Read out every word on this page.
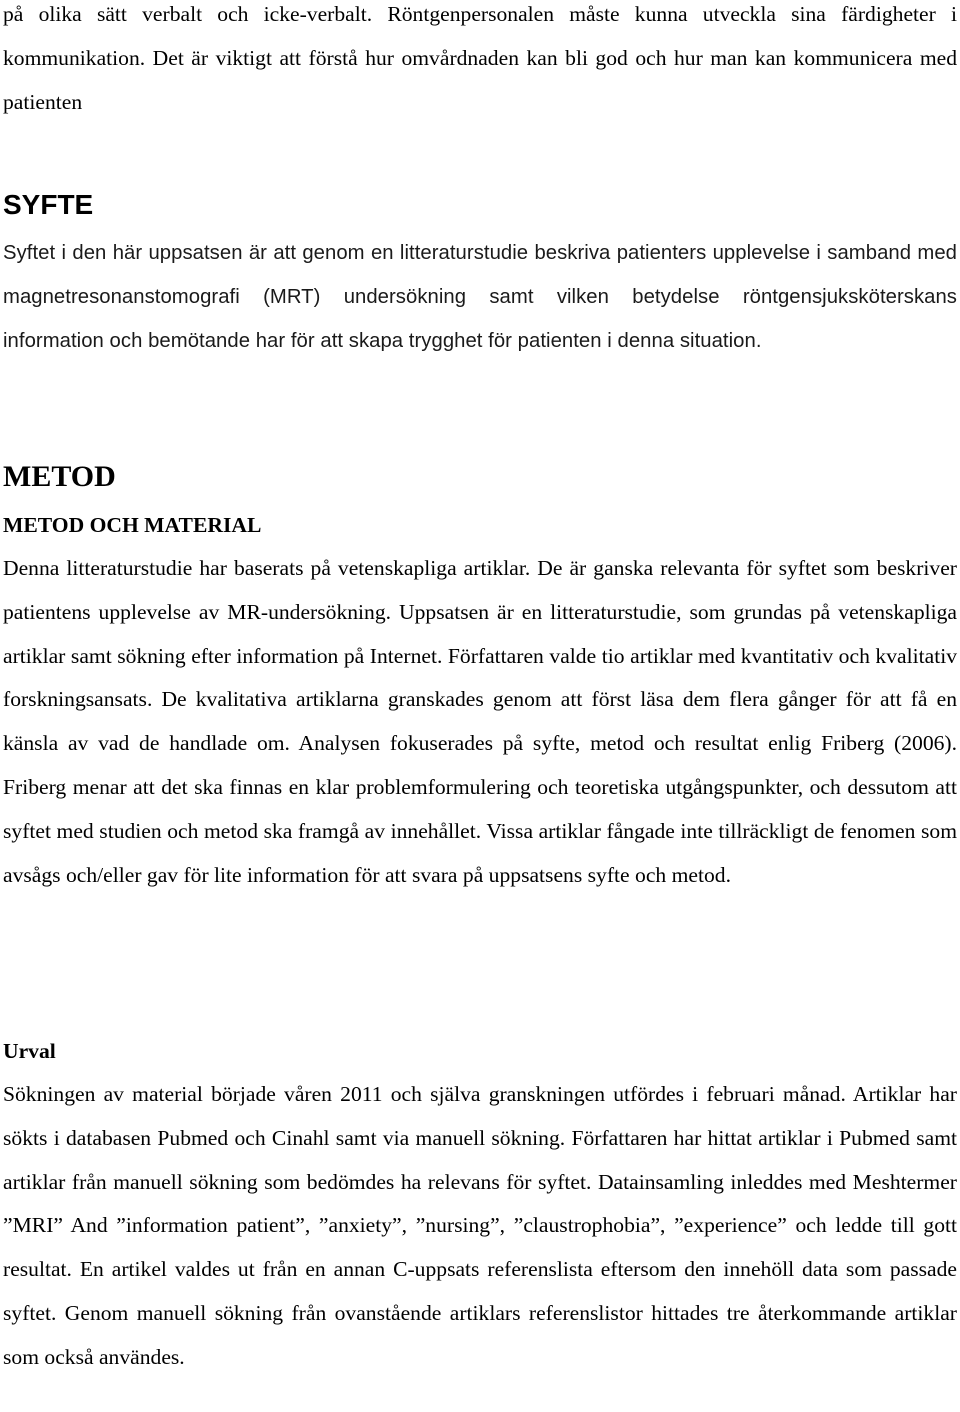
på olika sätt verbalt och icke-verbalt. Röntgenpersonalen måste kunna utveckla sina färdigheter i kommunikation. Det är viktigt att förstå hur omvårdnaden kan bli god och hur man kan kommunicera med patienten

SYFTE

Syftet i den här uppsatsen är att genom en litteraturstudie beskriva patienters upplevelse i samband med magnetresonanstomografi (MRT) undersökning samt vilken betydelse röntgensjuksköterskans information och bemötande har för att skapa trygghet för patienten i denna situation.

METOD
METOD OCH MATERIAL

Denna litteraturstudie har baserats på vetenskapliga artiklar. De är ganska relevanta för syftet som beskriver patientens upplevelse av MR-undersökning. Uppsatsen är en litteraturstudie, som grundas på vetenskapliga artiklar samt sökning efter information på Internet. Författaren valde tio artiklar med kvantitativ och kvalitativ forskningsansats. De kvalitativa artiklarna granskades genom att först läsa dem flera gånger för att få en känsla av vad de handlade om. Analysen fokuserades på syfte, metod och resultat enlig Friberg (2006). Friberg menar att det ska finnas en klar problemformulering och teoretiska utgångspunkter, och dessutom att syftet med studien och metod ska framgå av innehållet. Vissa artiklar fångade inte tillräckligt de fenomen som avsågs och/eller gav för lite information för att svara på uppsatsens syfte och metod.

Urval

Sökningen av material började våren 2011 och själva granskningen utfördes i februari månad. Artiklar har sökts i databasen Pubmed och Cinahl samt via manuell sökning. Författaren har hittat artiklar i Pubmed samt artiklar från manuell sökning som bedömdes ha relevans för syftet. Datainsamling inleddes med Meshtermer ”MRI” And ”information patient”, ”anxiety”, ”nursing”, ”claustrophobia”, ”experience” och ledde till gott resultat. En artikel valdes ut från en annan C-uppsats referenslista eftersom den innehöll data som passade syftet. Genom manuell sökning från ovanstående artiklars referenslistor hittades tre återkommande artiklar som också användes.
